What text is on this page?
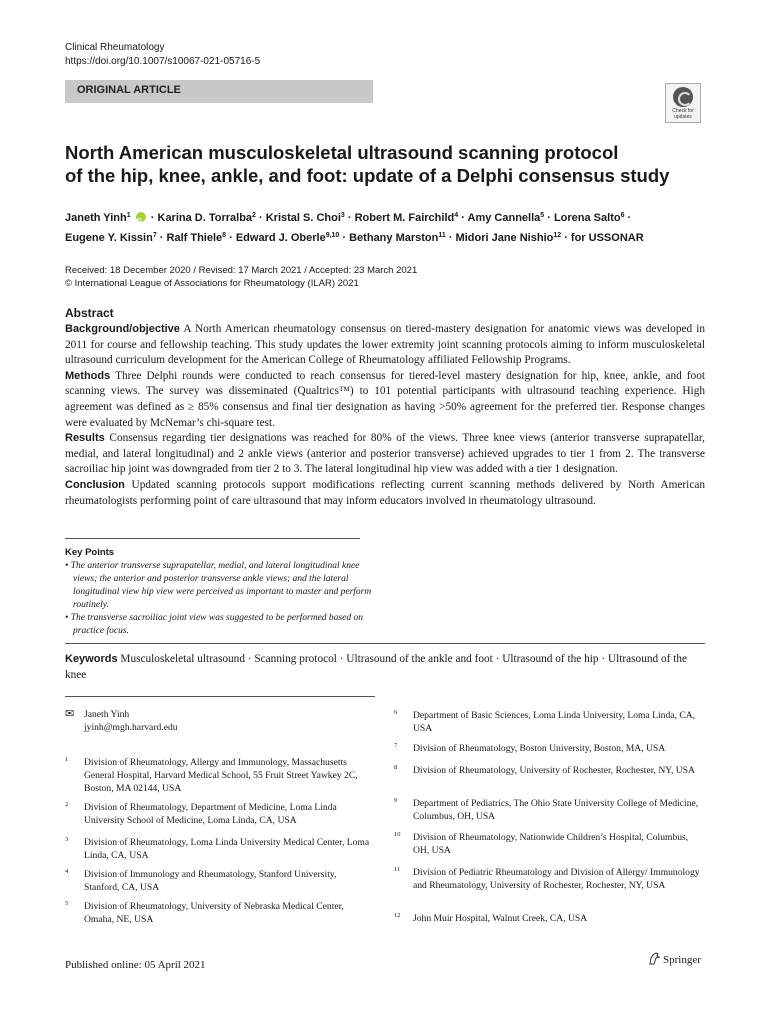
Clinical Rheumatology
https://doi.org/10.1007/s10067-021-05716-5
ORIGINAL ARTICLE
Check for updates
North American musculoskeletal ultrasound scanning protocol
of the hip, knee, ankle, and foot: update of a Delphi consensus study
Janeth Yinh$^1$ iD · Karina D. Torralba$^2$ · Kristal S. Choi$^3$ · Robert M. Fairchild$^4$ · Amy Cannella$^5$ · Lorena Salto$^6$ ·
Eugene Y. Kissin$^7$ · Ralf Thiele$^8$ · Edward J. Oberle$^{9,10}$ · Bethany Marston$^{11}$ · Midori Jane Nishio$^{12}$ · for USSONAR
Received: 18 December 2020 / Revised: 17 March 2021 / Accepted: 23 March 2021
© International League of Associations for Rheumatology (ILAR) 2021
Abstract

Background/objective A North American rheumatology consensus on tiered-mastery designation for anatomic views was developed in 2011 for course and fellowship teaching. This study updates the lower extremity joint scanning protocols aiming to inform musculoskeletal ultrasound curriculum development for the American College of Rheumatology affiliated Fellowship Programs.

Methods Three Delphi rounds were conducted to reach consensus for tiered-level mastery designation for hip, knee, ankle, and foot scanning views. The survey was disseminated (Qualtrics™) to 101 potential participants with ultrasound teaching experience. High agreement was defined as ≥ 85% consensus and final tier designation as having >50% agreement for the preferred tier. Response changes were evaluated by McNemar’s chi-square test.

Results Consensus regarding tier designations was reached for 80% of the views. Three knee views (anterior transverse suprapatellar, medial, and lateral longitudinal) and 2 ankle views (anterior and posterior transverse) achieved upgrades to tier 1 from 2. The transverse sacroiliac hip joint was downgraded from tier 2 to 3. The lateral longitudinal hip view was added with a tier 1 designation.

Conclusion Updated scanning protocols support modifications reflecting current scanning methods delivered by North American rheumatologists performing point of care ultrasound that may inform educators involved in rheumatology ultrasound.

Key Points
• The anterior transverse suprapatellar, medial, and lateral longitudinal knee views; the anterior and posterior transverse ankle views; and the lateral longitudinal view hip view were perceived as important to master and perform routinely.
• The transverse sacroiliac joint view was suggested to be performed based on practice focus.
Keywords Musculoskeletal ultrasound · Scanning protocol · Ultrasound of the ankle and foot · Ultrasound of the hip · Ultrasound of the knee
✉ Janeth Yinh
jyinh@mgh.harvard.edu
1 Division of Rheumatology, Allergy and Immunology, Massachusetts General Hospital, Harvard Medical School, 55 Fruit Street Yawkey 2C, Boston, MA 02144, USA
2 Division of Rheumatology, Department of Medicine, Loma Linda University School of Medicine, Loma Linda, CA, USA
3 Division of Rheumatology, Loma Linda University Medical Center, Loma Linda, CA, USA
4 Division of Immunology and Rheumatology, Stanford University, Stanford, CA, USA
5 Division of Rheumatology, University of Nebraska Medical Center, Omaha, NE, USA
6 Department of Basic Sciences, Loma Linda University, Loma Linda, CA, USA
7 Division of Rheumatology, Boston University, Boston, MA, USA
8 Division of Rheumatology, University of Rochester, Rochester, NY, USA
9 Department of Pediatrics, The Ohio State University College of Medicine, Columbus, OH, USA
10 Division of Rheumatology, Nationwide Children’s Hospital, Columbus, OH, USA
11 Division of Pediatric Rheumatology and Division of Allergy/ Immunology and Rheumatology, University of Rochester, Rochester, NY, USA
12 John Muir Hospital, Walnut Creek, CA, USA
Published online: 05 April 2021	Springer
